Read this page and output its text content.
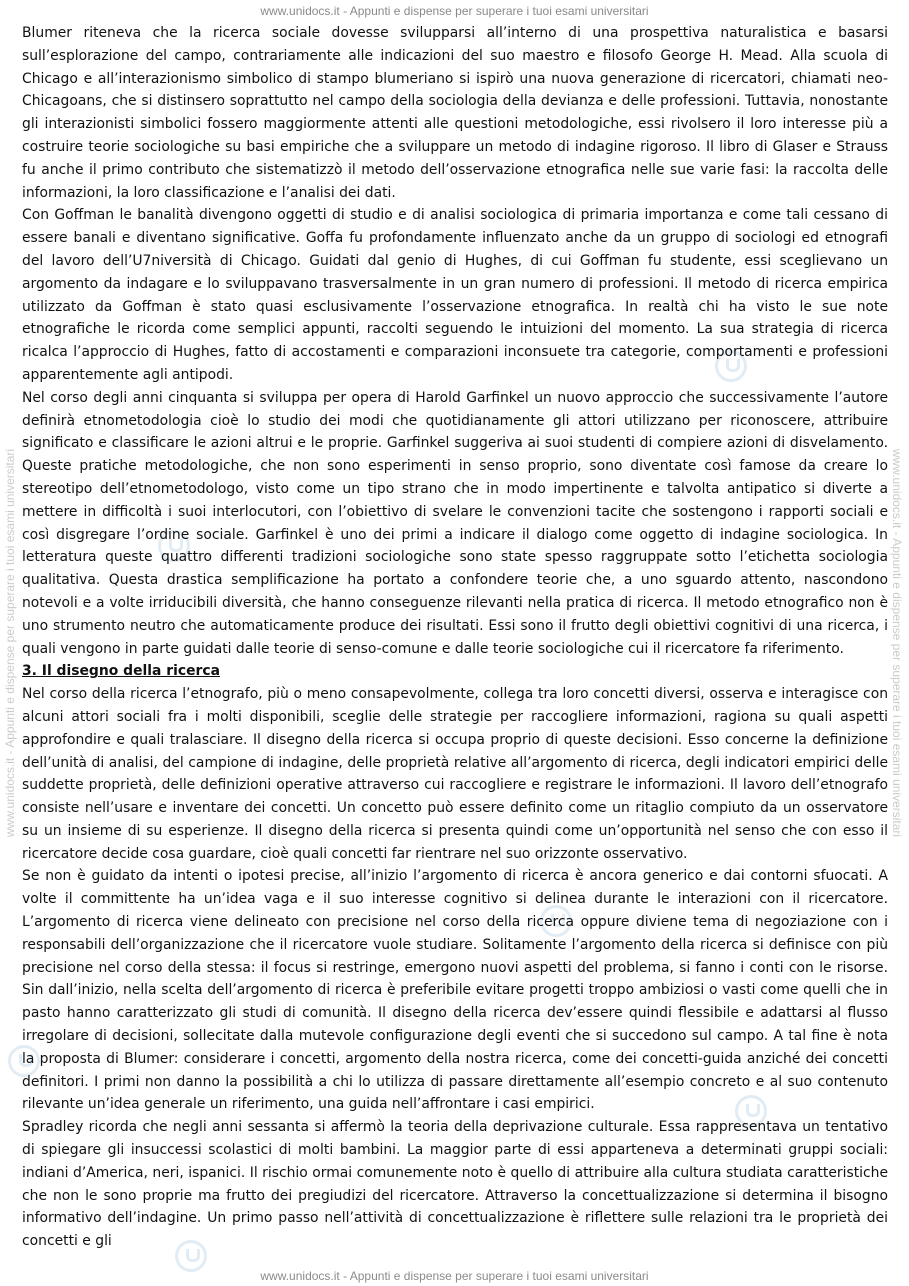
www.unidocs.it - Appunti e dispense per superare i tuoi esami universitari
www.unidocs.it - Appunti e dispense per superare i tuoi esami universitari	www.unidocs.it - Appunti e dispense per superare i tuoi esami universitari

Blumer riteneva che la ricerca sociale dovesse svilupparsi all’interno di una prospettiva naturalistica e basarsi sull’esplorazione del campo, contrariamente alle indicazioni del suo maestro e filosofo George H. Mead. Alla scuola di Chicago e all’interazionismo simbolico di stampo blumeriano si ispirò una nuova generazione di ricercatori, chiamati neo-Chicagoans, che si distinsero soprattutto nel campo della sociologia della devianza e delle professioni. Tuttavia, nonostante gli interazionisti simbolici fossero maggiormente attenti alle questioni metodologiche, essi rivolsero il loro interesse più a costruire teorie sociologiche su basi empiriche che a sviluppare un metodo di indagine rigoroso. Il libro di Glaser e Strauss fu anche il primo contributo che sistematizzò il metodo dell’osservazione etnografica nelle sue varie fasi: la raccolta delle informazioni, la loro classificazione e l’analisi dei dati.

Con Goffman le banalità divengono oggetti di studio e di analisi sociologica di primaria importanza e come tali cessano di essere banali e diventano significative. Goffa fu profondamente influenzato anche da un gruppo di sociologi ed etnografi del lavoro dell’U7niversità di Chicago. Guidati dal genio di Hughes, di cui Goffman fu studente, essi sceglievano un argomento da indagare e lo sviluppavano trasversalmente in un gran numero di professioni. Il metodo di ricerca empirica utilizzato da Goffman è stato quasi esclusivamente l’osservazione etnografica. In realtà chi ha visto le sue note etnografiche le ricorda come semplici appunti, raccolti seguendo le intuizioni del momento. La sua strategia di ricerca ricalca l’approccio di Hughes, fatto di accostamenti e comparazioni inconsuete tra categorie, comportamenti e professioni apparentemente agli antipodi.

Nel corso degli anni cinquanta si sviluppa per opera di Harold Garfinkel un nuovo approccio che successivamente l’autore definirà etnometodologia cioè lo studio dei modi che quotidianamente gli attori utilizzano per riconoscere, attribuire significato e classificare le azioni altrui e le proprie. Garfinkel suggeriva ai suoi studenti di compiere azioni di disvelamento. Queste pratiche metodologiche, che non sono esperimenti in senso proprio, sono diventate così famose da creare lo stereotipo dell’etnometodologo, visto come un tipo strano che in modo impertinente e talvolta antipatico si diverte a mettere in difficoltà i suoi interlocutori, con l’obiettivo di svelare le convenzioni tacite che sostengono i rapporti sociali e così disgregare l’ordine sociale. Garfinkel è uno dei primi a indicare il dialogo come oggetto di indagine sociologica. In letteratura queste quattro differenti tradizioni sociologiche sono state spesso raggruppate sotto l’etichetta sociologia qualitativa. Questa drastica semplificazione ha portato a confondere teorie che, a uno sguardo attento, nascondono notevoli e a volte irriducibili diversità, che hanno conseguenze rilevanti nella pratica di ricerca. Il metodo etnografico non è uno strumento neutro che automaticamente produce dei risultati. Essi sono il frutto degli obiettivi cognitivi di una ricerca, i quali vengono in parte guidati dalle teorie di senso-comune e dalle teorie sociologiche cui il ricercatore fa riferimento.

3. Il disegno della ricerca

Nel corso della ricerca l’etnografo, più o meno consapevolmente, collega tra loro concetti diversi, osserva e interagisce con alcuni attori sociali fra i molti disponibili, sceglie delle strategie per raccogliere informazioni, ragiona su quali aspetti approfondire e quali tralasciare. Il disegno della ricerca si occupa proprio di queste decisioni. Esso concerne la definizione dell’unità di analisi, del campione di indagine, delle proprietà relative all’argomento di ricerca, degli indicatori empirici delle suddette proprietà, delle definizioni operative attraverso cui raccogliere e registrare le informazioni. Il lavoro dell’etnografo consiste nell’usare e inventare dei concetti. Un concetto può essere definito come un ritaglio compiuto da un osservatore su un insieme di su esperienze. Il disegno della ricerca si presenta quindi come un’opportunità nel senso che con esso il ricercatore decide cosa guardare, cioè quali concetti far rientrare nel suo orizzonte osservativo.

Se non è guidato da intenti o ipotesi precise, all’inizio l’argomento di ricerca è ancora generico e dai contorni sfuocati. A volte il committente ha un’idea vaga e il suo interesse cognitivo si delinea durante le interazioni con il ricercatore. L’argomento di ricerca viene delineato con precisione nel corso della ricerca oppure diviene tema di negoziazione con i responsabili dell’organizzazione che il ricercatore vuole studiare. Solitamente l’argomento della ricerca si definisce con più precisione nel corso della stessa: il focus si restringe, emergono nuovi aspetti del problema, si fanno i conti con le risorse. Sin dall’inizio, nella scelta dell’argomento di ricerca è preferibile evitare progetti troppo ambiziosi o vasti come quelli che in pasto hanno caratterizzato gli studi di comunità. Il disegno della ricerca dev’essere quindi flessibile e adattarsi al flusso irregolare di decisioni, sollecitate dalla mutevole configurazione degli eventi che si succedono sul campo. A tal fine è nota la proposta di Blumer: considerare i concetti, argomento della nostra ricerca, come dei concetti-guida anziché dei concetti definitori. I primi non danno la possibilità a chi lo utilizza di passare direttamente all’esempio concreto e al suo contenuto rilevante un’idea generale un riferimento, una guida nell’affrontare i casi empirici.

Spradley ricorda che negli anni sessanta si affermò la teoria della deprivazione culturale. Essa rappresentava un tentativo di spiegare gli insuccessi scolastici di molti bambini. La maggior parte di essi apparteneva a determinati gruppi sociali: indiani d’America, neri, ispanici. Il rischio ormai comunemente noto è quello di attribuire alla cultura studiata caratteristiche che non le sono proprie ma frutto dei pregiudizi del ricercatore. Attraverso la concettualizzazione si determina il bisogno informativo dell’indagine. Un primo passo nell’attività di concettualizzazione è riflettere sulle relazioni tra le proprietà dei concetti e gli

www.unidocs.it - Appunti e dispense per superare i tuoi esami universitari
